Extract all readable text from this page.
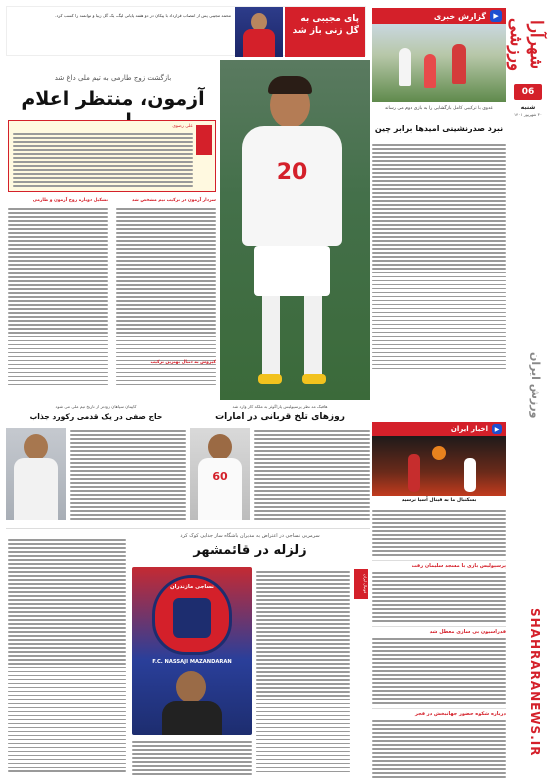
شهرآرا ورزشی
06
شنبه
۳۰ شهریور ۱۴۰۱
ورزش ایران
SHAHRARANEWS.IR
▶
گزارش خبری
عدوی با ترکیبی کامل بازگشایی را به بازی دوم می رساند
نبرد صدرنشینی امیدها برابر چین
▶
اخبار ایران
بسکتبال ما به فینال آسیا نرسید
پرسپولیس بازی با مسجد سلیمان رفت
فدراسیون بی سازی معطل شد
درباره شکوه حضور جهانبخش در فجر
پای مجیبی به گل زنی باز شد
محمد مجیبی پس از انتصاب قرارداد با پیکان در دو هفته پایانی لیگ، یک گل زیبا و توانمند را کسب کرد.
20
بازگشت زوج طارمی به تیم ملی داغ شد
آزمون، منتظر اعلام
علی رضوی
سردار آزمون در ترکیب تیم مشخص شد
تشکیل دوباره زوج آزمون و طارمی
کیروش به دنبال بهترین ترکیب
هافبک مد نظر پرسپولیس پاراگوئر به ملکه کار وارد شد
روزهای تلخ قربانی در امارات
60
کاپیتان سپاهان زودتر از تاریخ تیم ملی می شود
حاج صفی در یک قدمی رکورد جذاب
سرمربی نساجی در اعتراض به مدیران باشگاه ساز جدایی کوک کرد
زلزله در قائمشهر
فوتبال ایران
نساجی مازندران
F.C. NASSAJI MAZANDARAN
